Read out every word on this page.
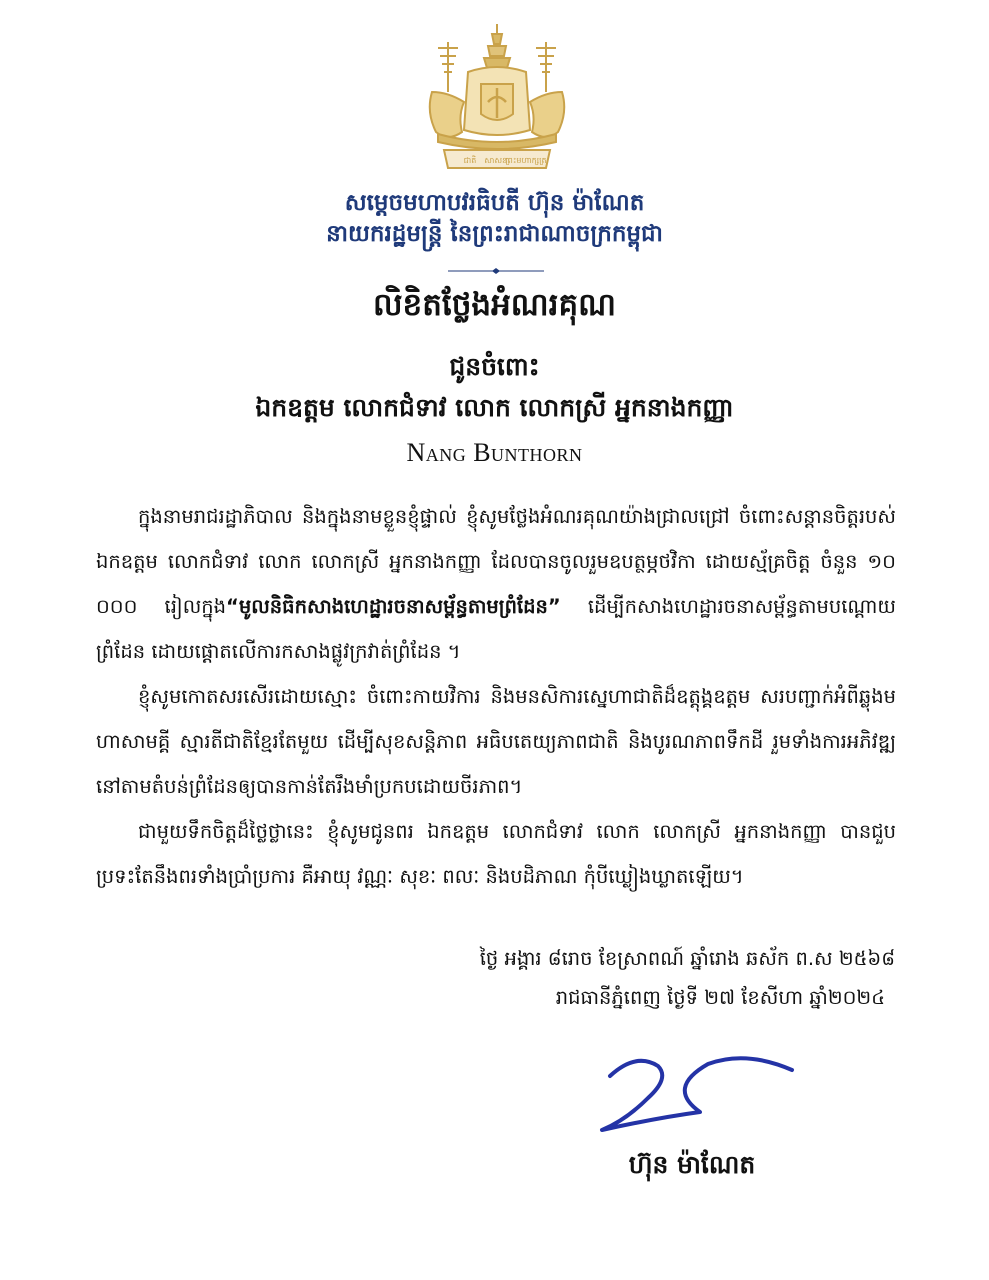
ជាតិ សាសនា
ព្រះមហាក្សត្រ
សម្តេចមហាបវរធិបតី ហ៊ុន ម៉ាណែត
នាយករដ្ឋមន្ត្រី នៃព្រះរាជាណាចក្រកម្ពុជា
លិខិតថ្លែងអំណរគុណ
ជូនចំពោះ
ឯកឧត្តម លោកជំទាវ លោក លោកស្រី អ្នកនាងកញ្ញា
Nang Bunthorn

ក្នុងនាមរាជរដ្ឋាភិបាល និងក្នុងនាមខ្លួនខ្ញុំផ្ទាល់ ខ្ញុំសូមថ្លែងអំណរគុណយ៉ាងជ្រាលជ្រៅ ចំពោះសន្តានចិត្តរបស់ឯកឧត្តម លោកជំទាវ លោក លោកស្រី អ្នកនាងកញ្ញា ដែលបានចូលរួមឧបត្ថម្ភថវិកា ដោយស្ម័គ្រចិត្ត ចំនួន ១០ ០០០ រៀលក្នុង“មូលនិធិកសាងហេដ្ឋារចនាសម្ព័ន្ធតាមព្រំដែន” ដើម្បីកសាងហេដ្ឋារចនាសម្ព័ន្ធតាមបណ្តោយព្រំដែន ដោយផ្តោតលើការកសាងផ្លូវក្រវាត់ព្រំដែន ។

ខ្ញុំសូមកោតសរសើរដោយស្មោះ ចំពោះកាយវិការ និងមនសិការស្នេហាជាតិដ៏ឧត្តុង្គឧត្តម សរបញ្ជាក់អំពីឆ្លុងមហាសាមគ្គី ស្មារតីជាតិខ្មែរតែមួយ ដើម្បីសុខសន្តិភាព អធិបតេយ្យភាពជាតិ និងបូរណភាពទឹកដី រួមទាំងការអភិវឌ្ឍនៅតាមតំបន់ព្រំដែនឲ្យបានកាន់តែរឹងមាំប្រកបដោយចីរភាព។

ជាមួយទឹកចិត្តដ៏ថ្លៃថ្លានេះ ខ្ញុំសូមជូនពរ ឯកឧត្តម លោកជំទាវ លោក លោកស្រី អ្នកនាងកញ្ញា បានជួបប្រទះតែនឹងពរទាំងប្រាំប្រការ គឺអាយុ វណ្ណៈ សុខៈ ពលៈ និងបដិភាណ កុំបីឃ្លៀងឃ្លាតឡើយ។

ថ្ងៃ អង្គារ ៨រោច ខែស្រាពណ៍ ឆ្នាំរោង ឆស័ក ព.ស ២៥៦៨
រាជធានីភ្នំពេញ ថ្ងៃទី ២៧ ខែសីហា ឆ្នាំ២០២៤
ហ៊ុន ម៉ាណែត
